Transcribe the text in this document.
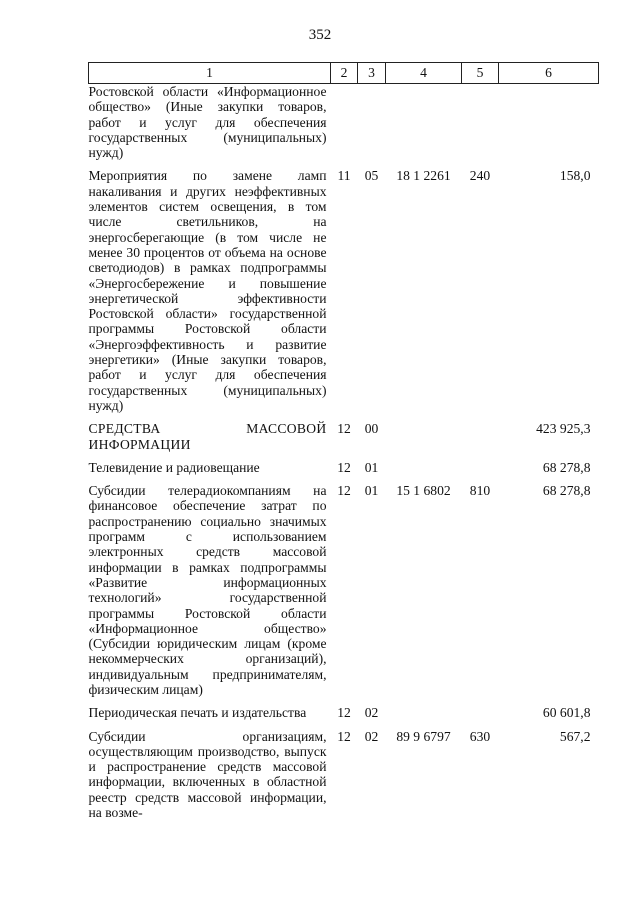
352
1	2	3	4	5	6
Ростовской области «Информационное общество» (Иные закупки товаров, работ и услуг для обеспечения государственных (муниципальных) нужд)					
Мероприятия по замене ламп накаливания и других неэффективных элементов систем освещения, в том числе светильников, на энергосберегающие (в том числе не менее 30 процентов от объема на основе светодиодов) в рамках подпрограммы «Энергосбережение и повышение энергетической эффективности Ростовской области» государственной программы Ростовской области «Энергоэффективность и развитие энергетики» (Иные закупки товаров, работ и услуг для обеспечения государственных (муниципальных) нужд)	11	05	18 1 2261	240	158,0
СРЕДСТВА МАССОВОЙ ИНФОРМАЦИИ	12	00			423 925,3
Телевидение и радиовещание	12	01			68 278,8
Субсидии телерадиокомпаниям на финансовое обеспечение затрат по распространению социально значимых программ с использованием электронных средств массовой информации в рамках подпрограммы «Развитие информационных технологий» государственной программы Ростовской области «Информационное общество» (Субсидии юридическим лицам (кроме некоммерческих организаций), индивидуальным предпринимателям, физическим лицам)	12	01	15 1 6802	810	68 278,8
Периодическая печать и издательства	12	02			60 601,8
Субсидии организациям, осуществляющим производство, выпуск и распространение средств массовой информации, включенных в областной реестр средств массовой информации, на возме-	12	02	89 9 6797	630	567,2
